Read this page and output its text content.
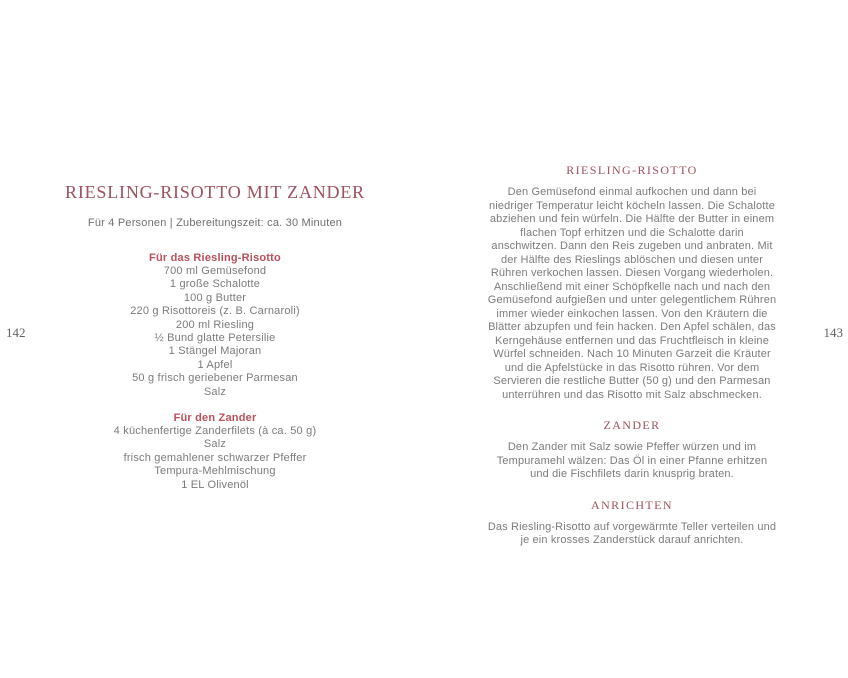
RIESLING-RISOTTO MIT ZANDER

Für 4 Personen | Zubereitungszeit: ca. 30 Minuten

Für das Riesling-Risotto
700 ml Gemüsefond
1 große Schalotte
100 g Butter
220 g Risottoreis (z. B. Carnaroli)
200 ml Riesling
½ Bund glatte Petersilie
1 Stängel Majoran
1 Apfel
50 g frisch geriebener Parmesan
Salz
Für den Zander
4 küchenfertige Zanderfilets (à ca. 50 g)
Salz
frisch gemahlener schwarzer Pfeffer
Tempura-Mehlmischung
1 EL Olivenöl
RIESLING-RISOTTO

Den Gemüsefond einmal aufkochen und dann bei niedriger Temperatur leicht köcheln lassen. Die Schalotte abziehen und fein würfeln. Die Hälfte der Butter in einem flachen Topf erhitzen und die Schalotte darin anschwitzen. Dann den Reis zugeben und anbraten. Mit der Hälfte des Rieslings ablöschen und diesen unter Rühren verkochen lassen. Diesen Vorgang wiederholen. Anschließend mit einer Schöpfkelle nach und nach den Gemüsefond aufgießen und unter gelegentlichem Rühren immer wieder einkochen lassen. Von den Kräutern die Blätter abzupfen und fein hacken. Den Apfel schälen, das Kerngehäuse entfernen und das Fruchtfleisch in kleine Würfel schneiden. Nach 10 Minuten Garzeit die Kräuter und die Apfelstücke in das Risotto rühren. Vor dem Servieren die restliche Butter (50 g) und den Parmesan unterrühren und das Risotto mit Salz abschmecken.

ZANDER

Den Zander mit Salz sowie Pfeffer würzen und im Tempuramehl wälzen: Das Öl in einer Pfanne erhitzen und die Fischfilets darin knusprig braten.

ANRICHTEN

Das Riesling-Risotto auf vorgewärmte Teller verteilen und je ein krosses Zanderstück darauf anrichten.

142	143
